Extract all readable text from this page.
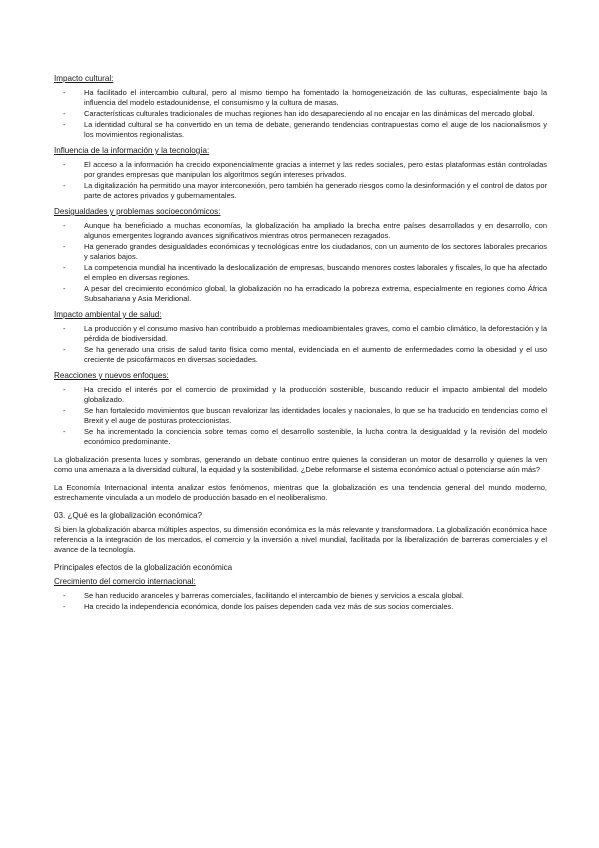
Impacto cultural:
- Ha facilitado el intercambio cultural, pero al mismo tiempo ha fomentado la homogeneización de las culturas, especialmente bajo la influencia del modelo estadounidense, el consumismo y la cultura de masas.
- Características culturales tradicionales de muchas regiones han ido desapareciendo al no encajar en las dinámicas del mercado global.
- La identidad cultural se ha convertido en un tema de debate, generando tendencias contrapuestas como el auge de los nacionalismos y los movimientos regionalistas.
Influencia de la información y la tecnología:
- El acceso a la información ha crecido exponencialmente gracias a internet y las redes sociales, pero estas plataformas están controladas por grandes empresas que manipulan los algoritmos según intereses privados.
- La digitalización ha permitido una mayor interconexión, pero también ha generado riesgos como la desinformación y el control de datos por parte de actores privados y gubernamentales.
Desigualdades y problemas socioeconómicos:
- Aunque ha beneficiado a muchas economías, la globalización ha ampliado la brecha entre países desarrollados y en desarrollo, con algunos emergentes logrando avances significativos mientras otros permanecen rezagados.
- Ha generado grandes desigualdades económicas y tecnológicas entre los ciudadanos, con un aumento de los sectores laborales precarios y salarios bajos.
- La competencia mundial ha incentivado la deslocalización de empresas, buscando menores costes laborales y fiscales, lo que ha afectado el empleo en diversas regiones.
- A pesar del crecimiento económico global, la globalización no ha erradicado la pobreza extrema, especialmente en regiones como África Subsahariana y Asia Meridional.
Impacto ambiental y de salud:
- La producción y el consumo masivo han contribuido a problemas medioambientales graves, como el cambio climático, la deforestación y la pérdida de biodiversidad.
- Se ha generado una crisis de salud tanto física como mental, evidenciada en el aumento de enfermedades como la obesidad y el uso creciente de psicofármacos en diversas sociedades.
Reacciones y nuevos enfoques:
- Ha crecido el interés por el comercio de proximidad y la producción sostenible, buscando reducir el impacto ambiental del modelo globalizado.
- Se han fortalecido movimientos que buscan revalorizar las identidades locales y nacionales, lo que se ha traducido en tendencias como el Brexit y el auge de posturas proteccionistas.
- Se ha incrementado la conciencia sobre temas como el desarrollo sostenible, la lucha contra la desigualdad y la revisión del modelo económico predominante.

La globalización presenta luces y sombras, generando un debate continuo entre quienes la consideran un motor de desarrollo y quienes la ven como una amenaza a la diversidad cultural, la equidad y la sostenibilidad. ¿Debe reformarse el sistema económico actual o potenciarse aún más?

La Economía Internacional intenta analizar estos fenómenos, mientras que la globalización es una tendencia general del mundo moderno, estrechamente vinculada a un modelo de producción basado en el neoliberalismo.

03. ¿Qué es la globalización económica?

Si bien la globalización abarca múltiples aspectos, su dimensión económica es la más relevante y transformadora. La globalización económica hace referencia a la integración de los mercados, el comercio y la inversión a nivel mundial, facilitada por la liberalización de barreras comerciales y el avance de la tecnología.

Principales efectos de la globalización económica
Crecimiento del comercio internacional:
- Se han reducido aranceles y barreras comerciales, facilitando el intercambio de bienes y servicios a escala global.
- Ha crecido la independencia económica, donde los países dependen cada vez más de sus socios comerciales.
